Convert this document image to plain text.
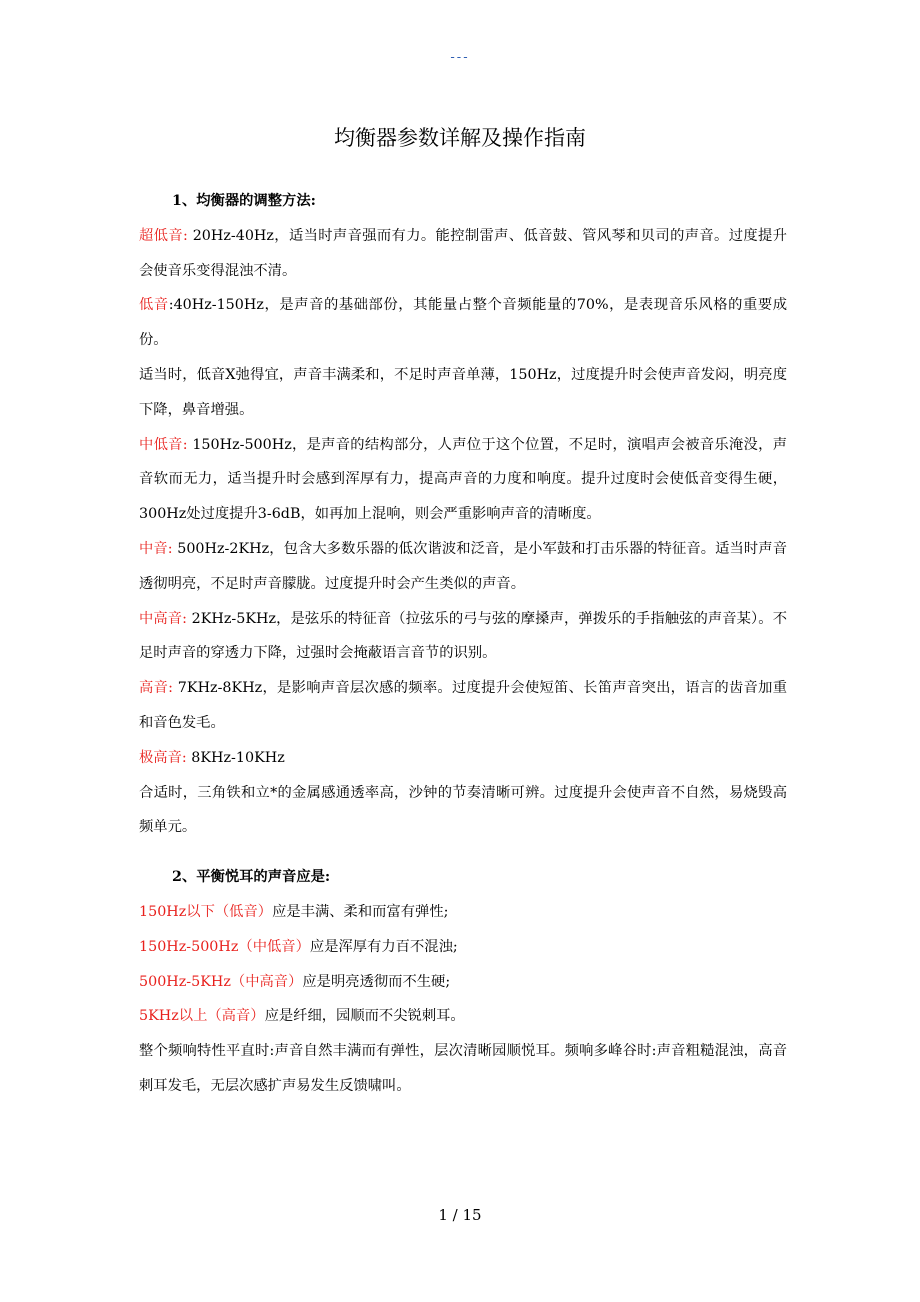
---
均衡器参数详解及操作指南

1、均衡器的调整方法:

超低音: 20Hz-40Hz，适当时声音强而有力。能控制雷声、低音鼓、管风琴和贝司的声音。过度提升会使音乐变得混浊不清。

低音:40Hz-150Hz，是声音的基础部份，其能量占整个音频能量的70%，是表现音乐风格的重要成份。

适当时，低音X弛得宜，声音丰满柔和，不足时声音单薄，150Hz，过度提升时会使声音发闷，明亮度下降，鼻音增强。

中低音: 150Hz-500Hz，是声音的结构部分，人声位于这个位置，不足时，演唱声会被音乐淹没，声音软而无力，适当提升时会感到浑厚有力，提高声音的力度和响度。提升过度时会使低音变得生硬，300Hz处过度提升3-6dB，如再加上混响，则会严重影响声音的清晰度。

中音: 500Hz-2KHz，包含大多数乐器的低次谐波和泛音，是小军鼓和打击乐器的特征音。适当时声音透彻明亮，不足时声音朦胧。过度提升时会产生类似的声音。

中高音: 2KHz-5KHz，是弦乐的特征音（拉弦乐的弓与弦的摩搡声，弹拨乐的手指触弦的声音某）。不足时声音的穿透力下降，过强时会掩蔽语言音节的识别。

高音: 7KHz-8KHz，是影响声音层次感的频率。过度提升会使短笛、长笛声音突出，语言的齿音加重和音色发毛。

极高音: 8KHz-10KHz

合适时，三角铁和立*的金属感通透率高，沙钟的节奏清晰可辨。过度提升会使声音不自然，易烧毁高频单元。

2、平衡悦耳的声音应是:

150Hz以下（低音）应是丰满、柔和而富有弹性;

150Hz-500Hz（中低音）应是浑厚有力百不混浊;

500Hz-5KHz（中高音）应是明亮透彻而不生硬;

5KHz以上（高音）应是纤细，园顺而不尖锐刺耳。

整个频响特性平直时:声音自然丰满而有弹性，层次清晰园顺悦耳。频响多峰谷时:声音粗糙混浊，高音刺耳发毛，无层次感扩声易发生反馈啸叫。

1 / 15
